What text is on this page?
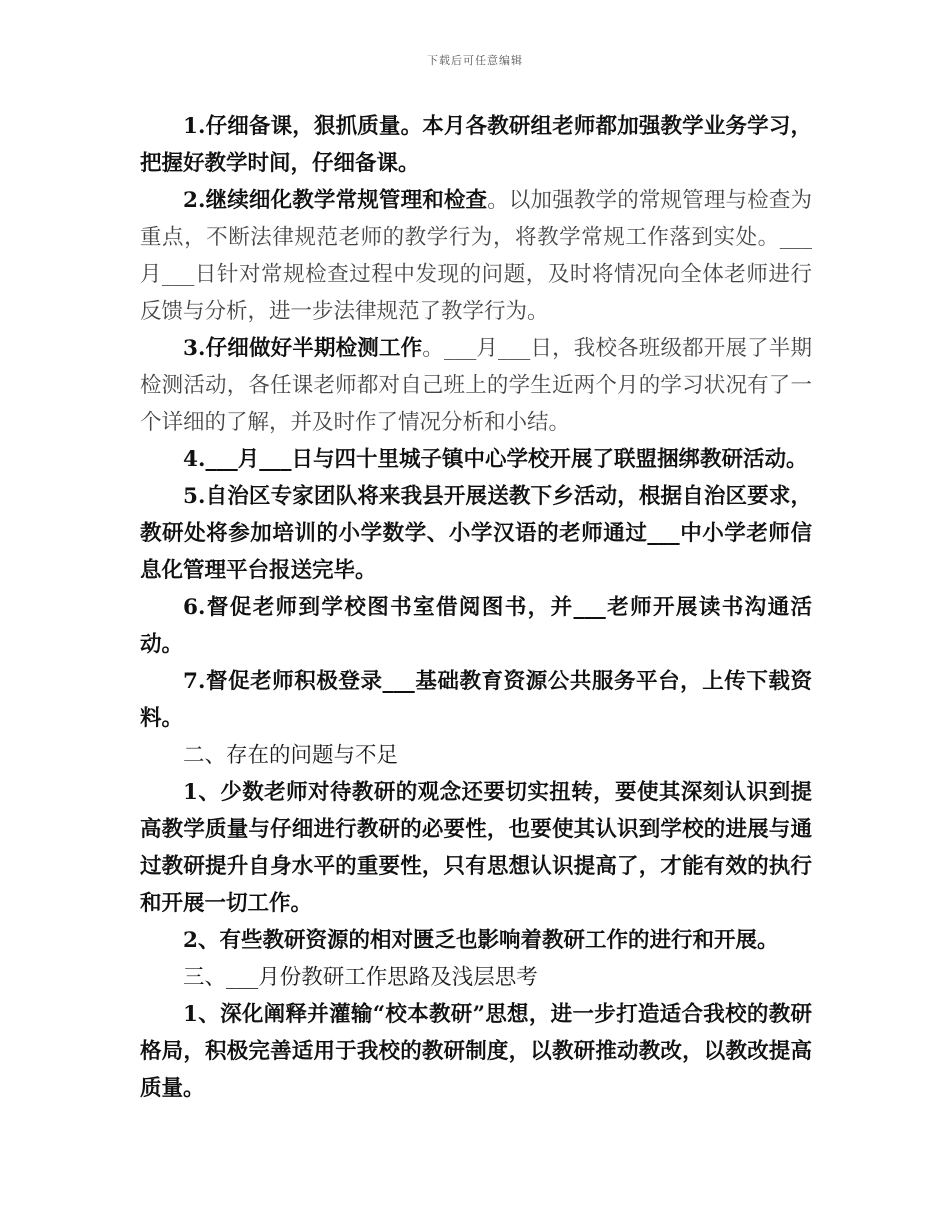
下载后可任意编辑

1.仔细备课，狠抓质量。本月各教研组老师都加强教学业务学习，把握好教学时间，仔细备课。

2.继续细化教学常规管理和检查。以加强教学的常规管理与检查为重点，不断法律规范老师的教学行为，将教学常规工作落到实处。___月___日针对常规检查过程中发现的问题，及时将情况向全体老师进行反馈与分析，进一步法律规范了教学行为。

3.仔细做好半期检测工作。___月___日，我校各班级都开展了半期检测活动，各任课老师都对自己班上的学生近两个月的学习状况有了一个详细的了解，并及时作了情况分析和小结。

4.___月___日与四十里城子镇中心学校开展了联盟捆绑教研活动。

5.自治区专家团队将来我县开展送教下乡活动，根据自治区要求，教研处将参加培训的小学数学、小学汉语的老师通过___中小学老师信息化管理平台报送完毕。

6.督促老师到学校图书室借阅图书，并___老师开展读书沟通活动。

7.督促老师积极登录___基础教育资源公共服务平台，上传下载资料。

二、存在的问题与不足

1、少数老师对待教研的观念还要切实扭转，要使其深刻认识到提高教学质量与仔细进行教研的必要性，也要使其认识到学校的进展与通过教研提升自身水平的重要性，只有思想认识提高了，才能有效的执行和开展一切工作。

2、有些教研资源的相对匮乏也影响着教研工作的进行和开展。

三、___月份教研工作思路及浅层思考

1、深化阐释并灌输“校本教研”思想，进一步打造适合我校的教研格局，积极完善适用于我校的教研制度，以教研推动教改，以教改提高质量。
